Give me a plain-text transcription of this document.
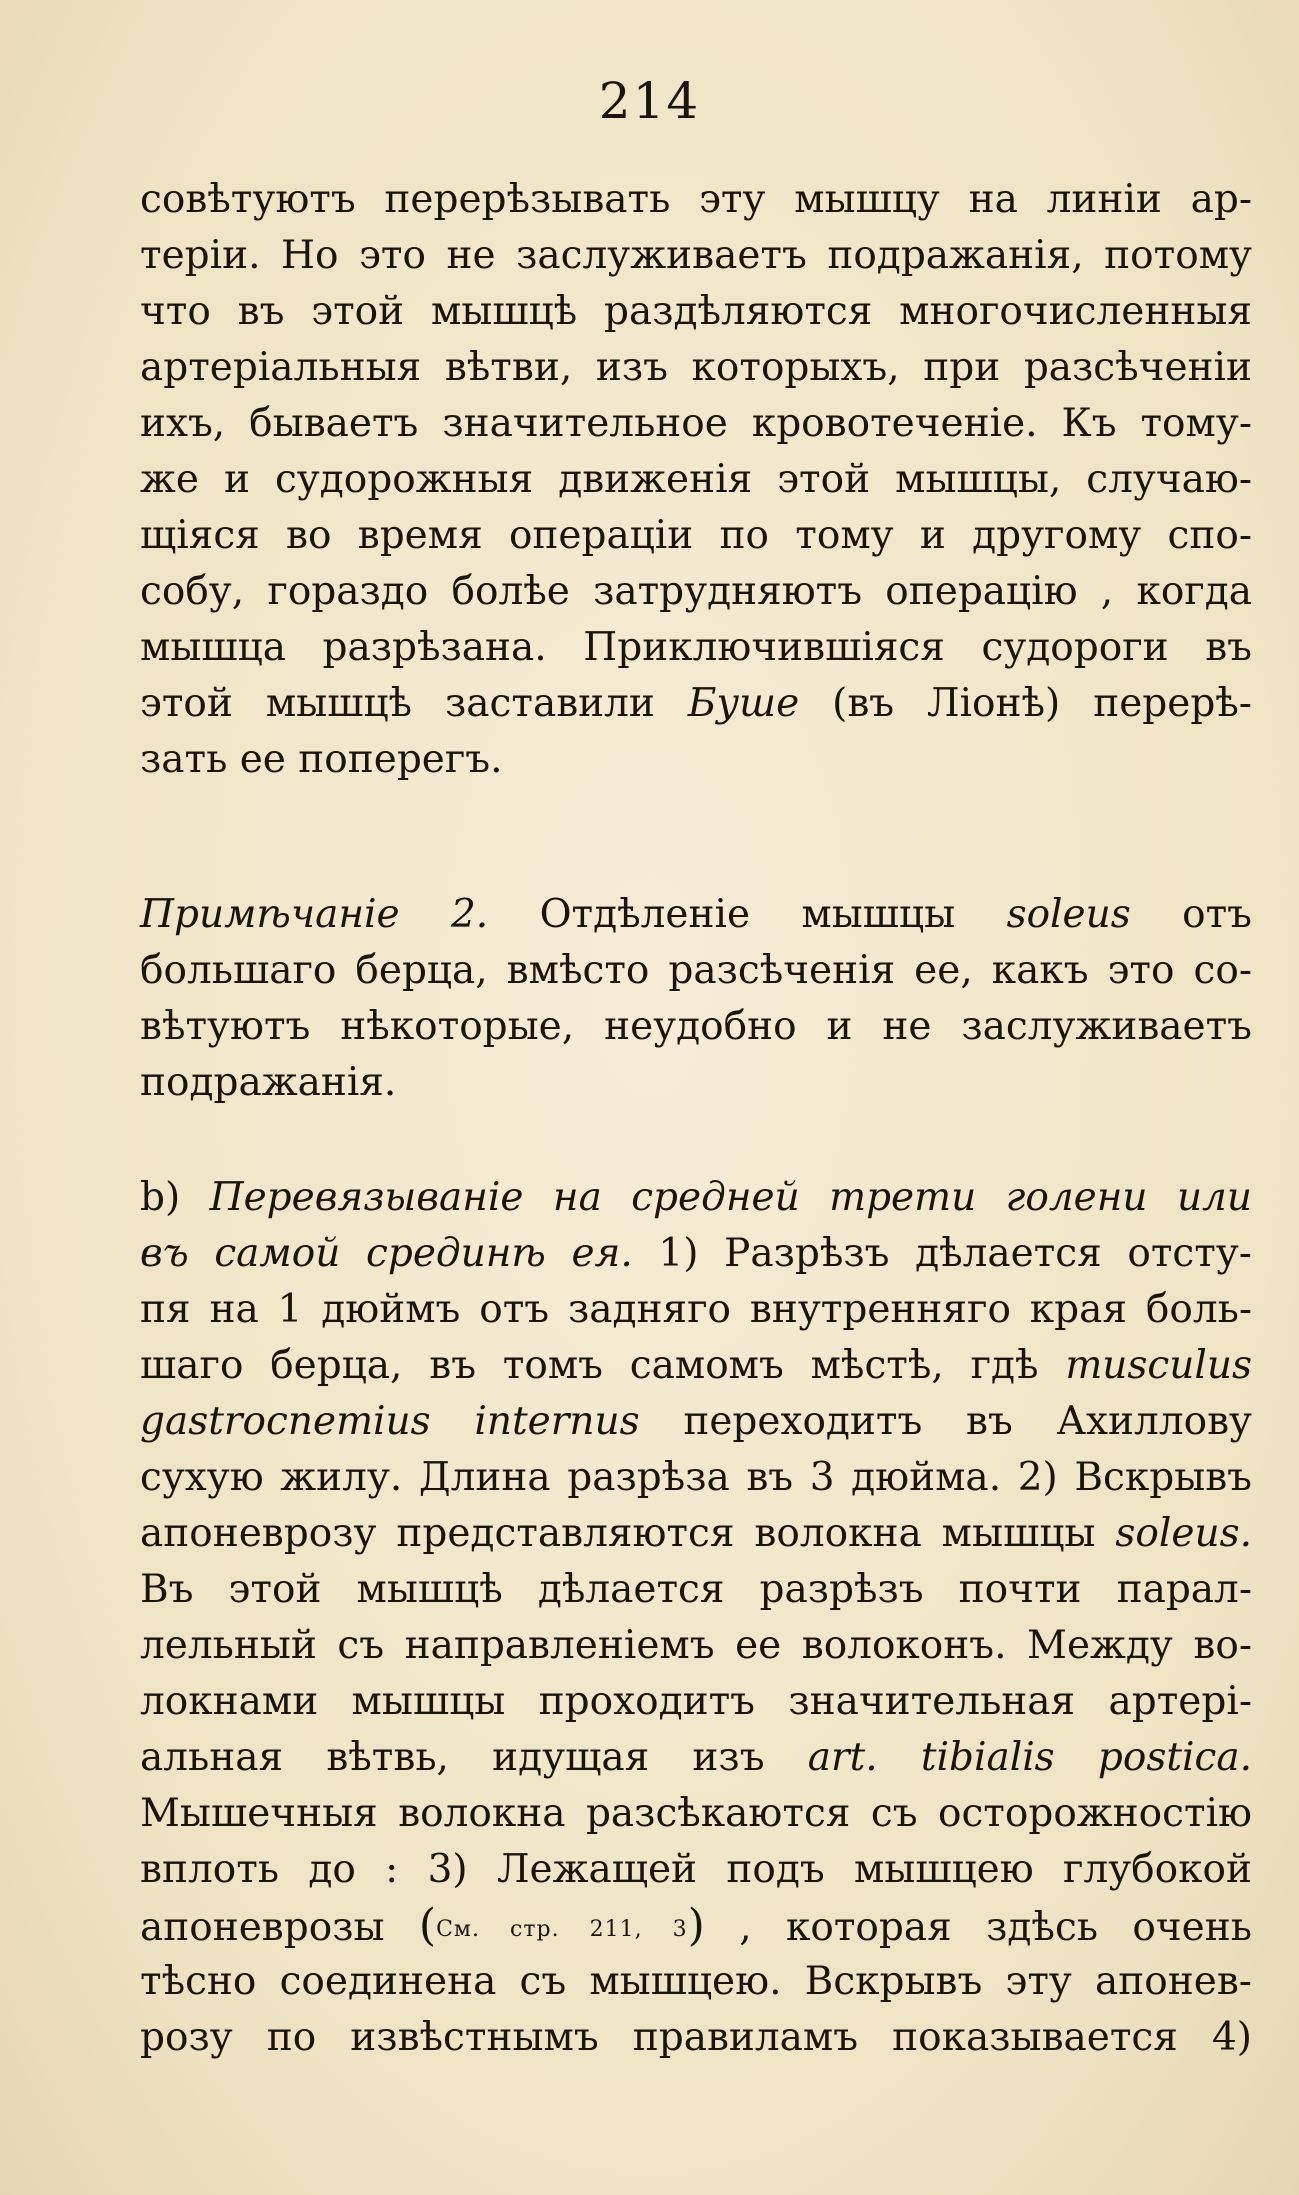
214
совѣтуютъ перерѣзывать эту мышцу на линіи ар-
теріи. Но это не заслуживаетъ подражанія, потому
что въ этой мышцѣ раздѣляются многочисленныя
артеріальныя вѣтви, изъ которыхъ, при разсѣченіи
ихъ, бываетъ значительное кровотеченіе. Къ тому-
же и судорожныя движенія этой мышцы, случаю-
щіяся во время операціи по тому и другому спо-
собу, гораздо болѣе затрудняютъ операцію , когда
мышца разрѣзана. Приключившіяся судороги въ
этой мышцѣ заставили Буше (въ Ліонѣ) перерѣ-
зать ее поперегъ.
Примѣчаніе 2. Отдѣленіе мышцы soleus отъ
большаго берца, вмѣсто разсѣченія ее, какъ это со-
вѣтуютъ нѣкоторые, неудобно и не заслуживаетъ
подражанія.
b) Перевязываніе на средней трети голени или
въ самой срединѣ ея. 1) Разрѣзъ дѣлается отсту-
пя на 1 дюймъ отъ задняго внутренняго края боль-
шаго берца, въ томъ самомъ мѣстѣ, гдѣ musculus
gastrocnemius internus переходитъ въ Ахиллову
сухую жилу. Длина разрѣза въ 3 дюйма. 2) Вскрывъ
апоневрозу представляются волокна мышцы soleus.
Въ этой мышцѣ дѣлается разрѣзъ почти парал-
лельный съ направленіемъ ее волоконъ. Между во-
локнами мышцы проходитъ значительная артері-
альная вѣтвь, идущая изъ art. tibialis postica.
Мышечныя волокна разсѣкаются съ осторожностію
вплоть до : 3) Лежащей подъ мышцею глубокой
апоневрозы (См. стр. 211, 3) , которая здѣсь очень
тѣсно соединена съ мышцею. Вскрывъ эту апонев-
розу по извѣстнымъ правиламъ показывается 4)
